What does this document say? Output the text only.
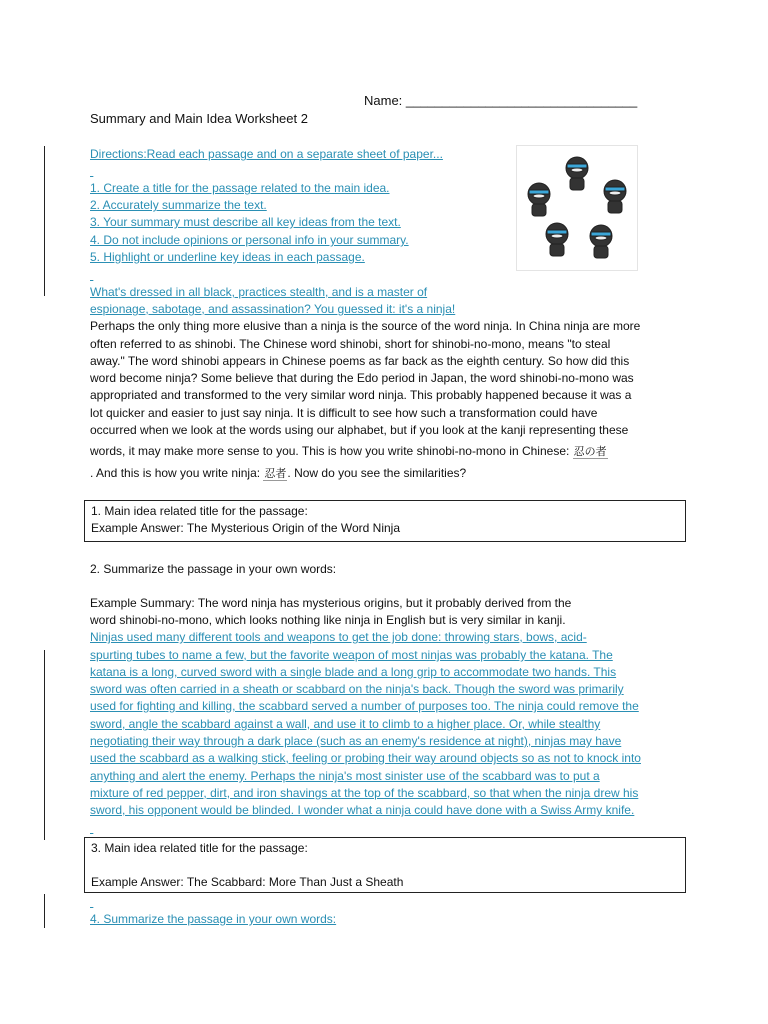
Name: ________________________________
Summary and Main Idea Worksheet 2
Directions:Read each passage and on a separate sheet of paper...

1. Create a title for the passage related to the main idea.
2. Accurately summarize the text.
3. Your summary must describe all key ideas from the text.
4. Do not include opinions or personal info in your summary.
5. Highlight or underline key ideas in each passage.

What's dressed in all black, practices stealth, and is a master of
espionage, sabotage, and assassination? You guessed it: it's a ninja!
Perhaps the only thing more elusive than a ninja is the source of the word ninja. In China ninja are more
often referred to as shinobi. The Chinese word shinobi, short for shinobi-no-mono, means "to steal
away." The word shinobi appears in Chinese poems as far back as the eighth century. So how did this
word become ninja? Some believe that during the Edo period in Japan, the word shinobi-no-mono was
appropriated and transformed to the very similar word ninja. This probably happened because it was a
lot quicker and easier to just say ninja. It is difficult to see how such a transformation could have
occurred when we look at the words using our alphabet, but if you look at the kanji representing these
words, it may make more sense to you. This is how you write shinobi-no-mono in Chinese: 忍の者
. And this is how you write ninja: 忍者. Now do you see the similarities?
1. Main idea related title for the passage:
Example Answer: The Mysterious Origin of the Word Ninja
2. Summarize the passage in your own words:
Example Summary: The word ninja has mysterious origins, but it probably derived from the
word shinobi-no-mono, which looks nothing like ninja in English but is very similar in kanji.
Ninjas used many different tools and weapons to get the job done: throwing stars, bows, acid-
spurting tubes to name a few, but the favorite weapon of most ninjas was probably the katana. The
katana is a long, curved sword with a single blade and a long grip to accommodate two hands. This
sword was often carried in a sheath or scabbard on the ninja's back. Though the sword was primarily
used for fighting and killing, the scabbard served a number of purposes too. The ninja could remove the
sword, angle the scabbard against a wall, and use it to climb to a higher place. Or, while stealthy
negotiating their way through a dark place (such as an enemy's residence at night), ninjas may have
used the scabbard as a walking stick, feeling or probing their way around objects so as not to knock into
anything and alert the enemy. Perhaps the ninja's most sinister use of the scabbard was to put a
mixture of red pepper, dirt, and iron shavings at the top of the scabbard, so that when the ninja drew his
sword, his opponent would be blinded. I wonder what a ninja could have done with a Swiss Army knife.

3. Main idea related title for the passage:
Example Answer: The Scabbard: More Than Just a Sheath

4. Summarize the passage in your own words:
